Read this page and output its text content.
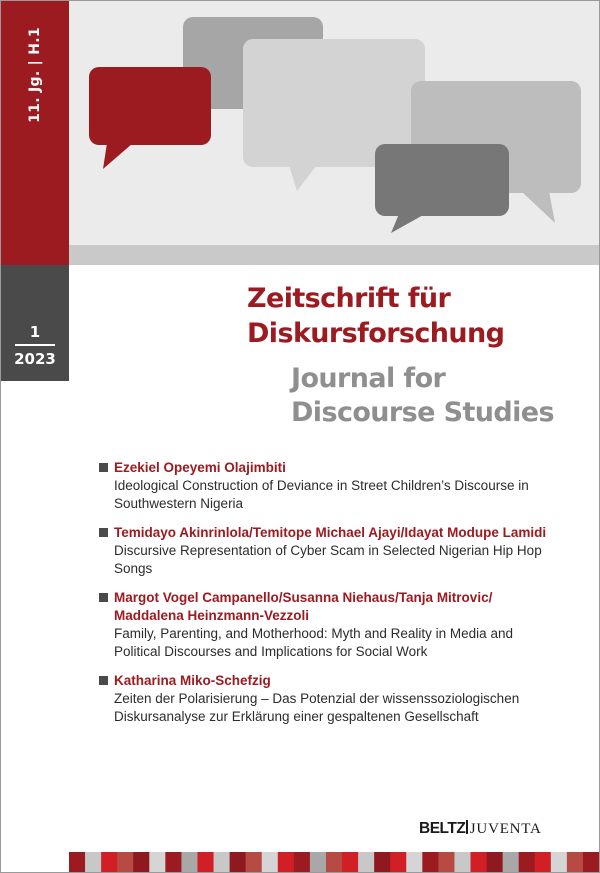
11. Jg. | H.1
1
2023
Zeitschrift für
Diskursforschung
Journal for
Discourse Studies
Ezekiel Opeyemi Olajimbiti
Ideological Construction of Deviance in Street Children’s Discourse in
Southwestern Nigeria
Temidayo Akinrinlola/Temitope Michael Ajayi/Idayat Modupe Lamidi
Discursive Representation of Cyber Scam in Selected Nigerian Hip Hop
Songs
Margot Vogel Campanello/Susanna Niehaus/Tanja Mitrovic/
Maddalena Heinzmann-Vezzoli
Family, Parenting, and Motherhood: Myth and Reality in Media and
Political Discourses and Implications for Social Work
Katharina Miko-Schefzig
Zeiten der Polarisierung – Das Potenzial der wissenssoziologischen
Diskursanalyse zur Erklärung einer gespaltenen Gesellschaft
BELTZ JUVENTA
